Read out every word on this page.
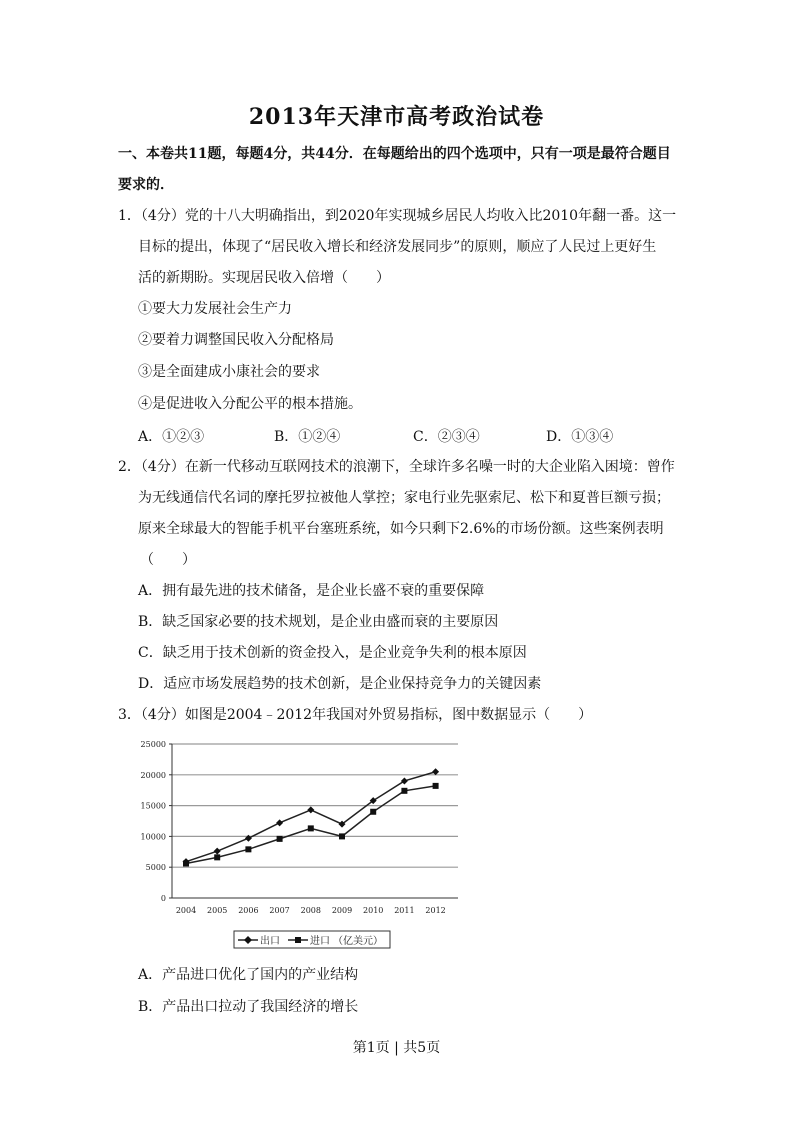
2013年天津市高考政治试卷
一、本卷共11题，每题4分，共44分．在每题给出的四个选项中，只有一项是最符合题目要求的．
1．（4分）党的十八大明确指出，到2020年实现城乡居民人均收入比2010年翻一番。这一
目标的提出，体现了“居民收入增长和经济发展同步”的原则，顺应了人民过上更好生
活的新期盼。实现居民收入倍增（　　）
①要大力发展社会生产力
②要着力调整国民收入分配格局
③是全面建成小康社会的要求
④是促进收入分配公平的根本措施。
A．①②③	B．①②④	C．②③④	D．①③④
2．（4分）在新一代移动互联网技术的浪潮下，全球许多名噪一时的大企业陷入困境：曾作
为无线通信代名词的摩托罗拉被他人掌控；家电行业先驱索尼、松下和夏普巨额亏损；
原来全球最大的智能手机平台塞班系统，如今只剩下2.6%的市场份额。这些案例表明
（　　）
A．拥有最先进的技术储备，是企业长盛不衰的重要保障
B．缺乏国家必要的技术规划，是企业由盛而衰的主要原因
C．缺乏用于技术创新的资金投入，是企业竞争失利的根本原因
D．适应市场发展趋势的技术创新，是企业保持竞争力的关键因素
3．（4分）如图是2004﹣2012年我国对外贸易指标，图中数据显示（　　）
0
5000
10000
15000
20000
25000
2004 2005 2006 2007 2008 2009 2010 2011 2012
出口	进口 （亿美元）
A．产品进口优化了国内的产业结构
B．产品出口拉动了我国经济的增长
第1页 | 共5页
